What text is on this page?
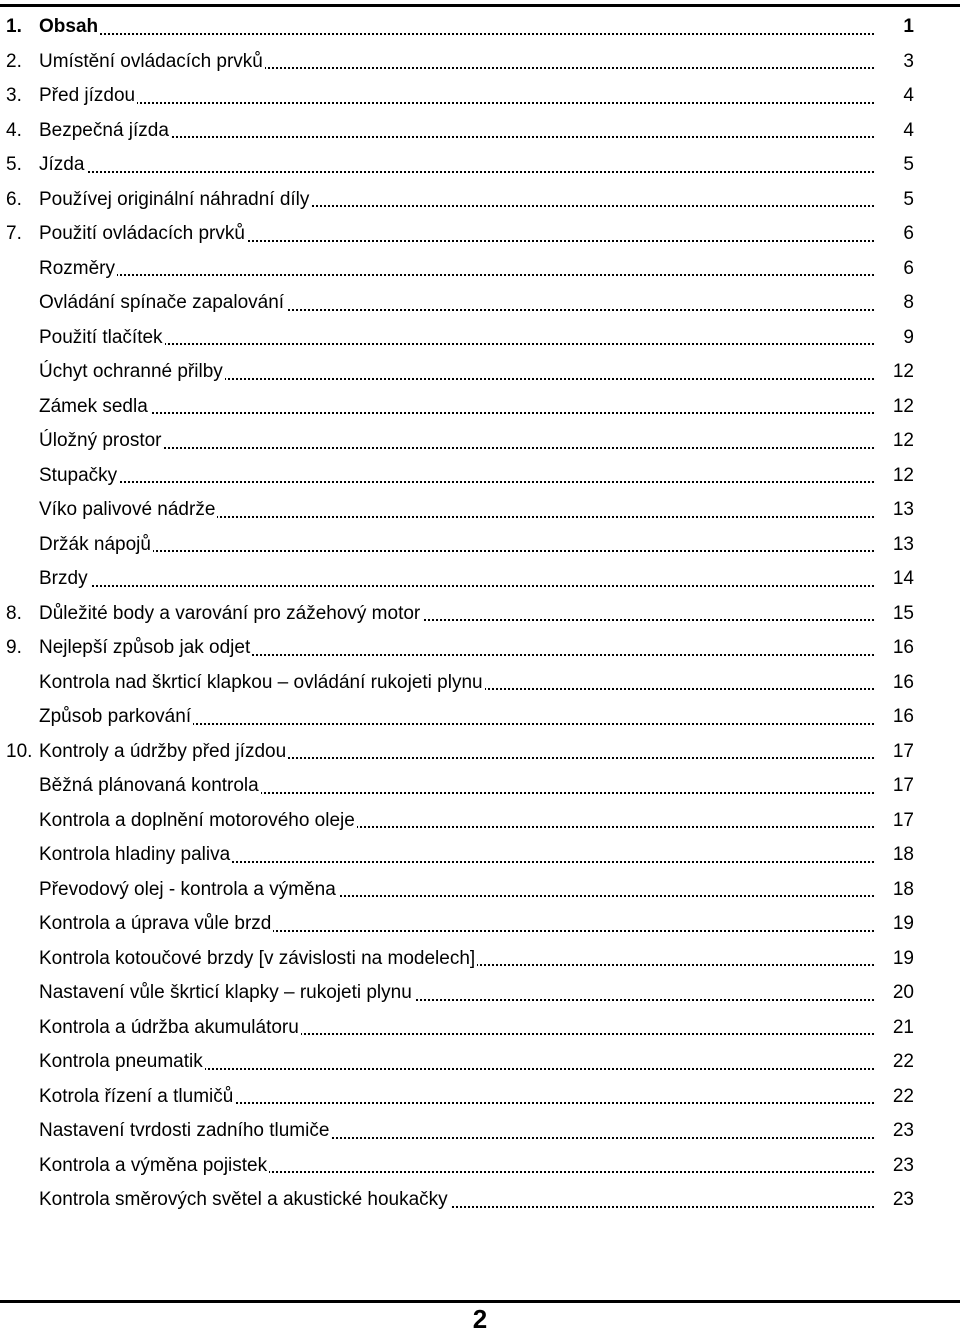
1. Obsah	1
2. Umístění ovládacích prvků	3
3. Před jízdou	4
4. Bezpečná jízda	4
5. Jízda	5
6. Používej originální náhradní díly	5
7. Použití ovládacích prvků	6
Rozměry	6
Ovládání spínače zapalování	8
Použití tlačítek	9
Úchyt ochranné přilby	12
Zámek sedla	12
Úložný prostor	12
Stupačky	12
Víko palivové nádrže	13
Držák nápojů	13
Brzdy	14
8. Důležité body a varování pro zážehový motor	15
9. Nejlepší způsob jak odjet	16
Kontrola nad škrticí klapkou – ovládání rukojeti plynu	16
Způsob parkování	16
10. Kontroly a údržby před jízdou	17
Běžná plánovaná kontrola	17
Kontrola a doplnění motorového oleje	17
Kontrola hladiny paliva	18
Převodový olej - kontrola a výměna	18
Kontrola a úprava vůle brzd	19
Kontrola kotoučové brzdy [v závislosti na modelech]	19
Nastavení vůle škrticí klapky – rukojeti plynu	20
Kontrola a údržba akumulátoru	21
Kontrola pneumatik	22
Kotrola řízení a tlumičů	22
Nastavení tvrdosti zadního tlumiče	23
Kontrola a výměna pojistek	23
Kontrola směrových světel a akustické houkačky	23
2
